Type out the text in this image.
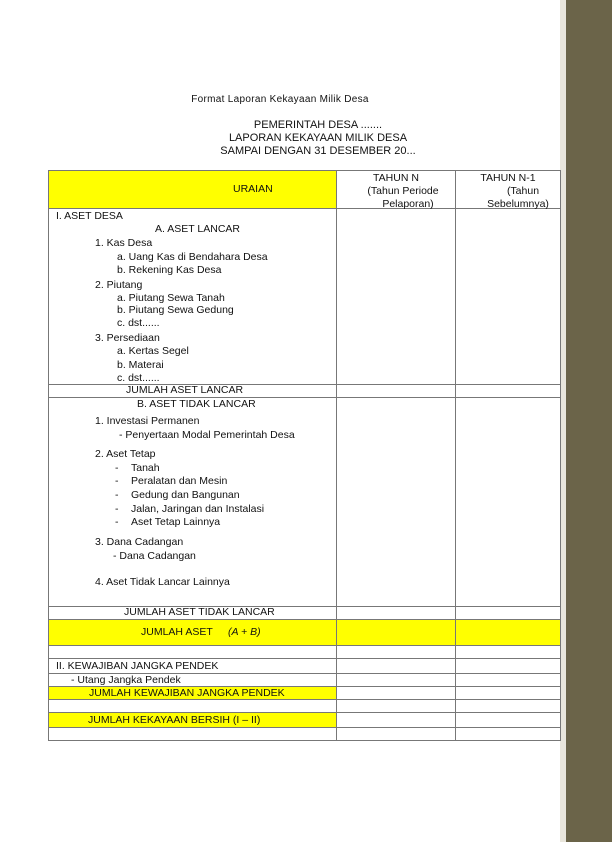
Format Laporan Kekayaan Milik Desa
PEMERINTAH DESA .......
LAPORAN KEKAYAAN MILIK DESA
SAMPAI DENGAN 31 DESEMBER 20...
URAIAN
TAHUN N
(Tahun Periode
Pelaporan)
TAHUN N-1
(Tahun
Sebelumnya)
I. ASET DESA
A. ASET LANCAR
1. Kas Desa
a. Uang Kas di Bendahara Desa
b. Rekening Kas Desa
2. Piutang
a. Piutang Sewa Tanah
b. Piutang Sewa Gedung
c. dst......
3. Persediaan
a. Kertas Segel
b. Materai
c. dst......
JUMLAH ASET LANCAR
B. ASET TIDAK LANCAR
1. Investasi Permanen
- Penyertaan Modal Pemerintah Desa
2. Aset Tetap
- Tanah
- Peralatan dan Mesin
- Gedung dan Bangunan
- Jalan, Jaringan dan Instalasi
- Aset Tetap Lainnya
3. Dana Cadangan
- Dana Cadangan
4. Aset Tidak Lancar Lainnya
JUMLAH ASET TIDAK LANCAR
JUMLAH ASET (A + B)
II. KEWAJIBAN JANGKA PENDEK
- Utang Jangka Pendek
JUMLAH KEWAJIBAN JANGKA PENDEK
JUMLAH KEKAYAAN BERSIH (I – II)
